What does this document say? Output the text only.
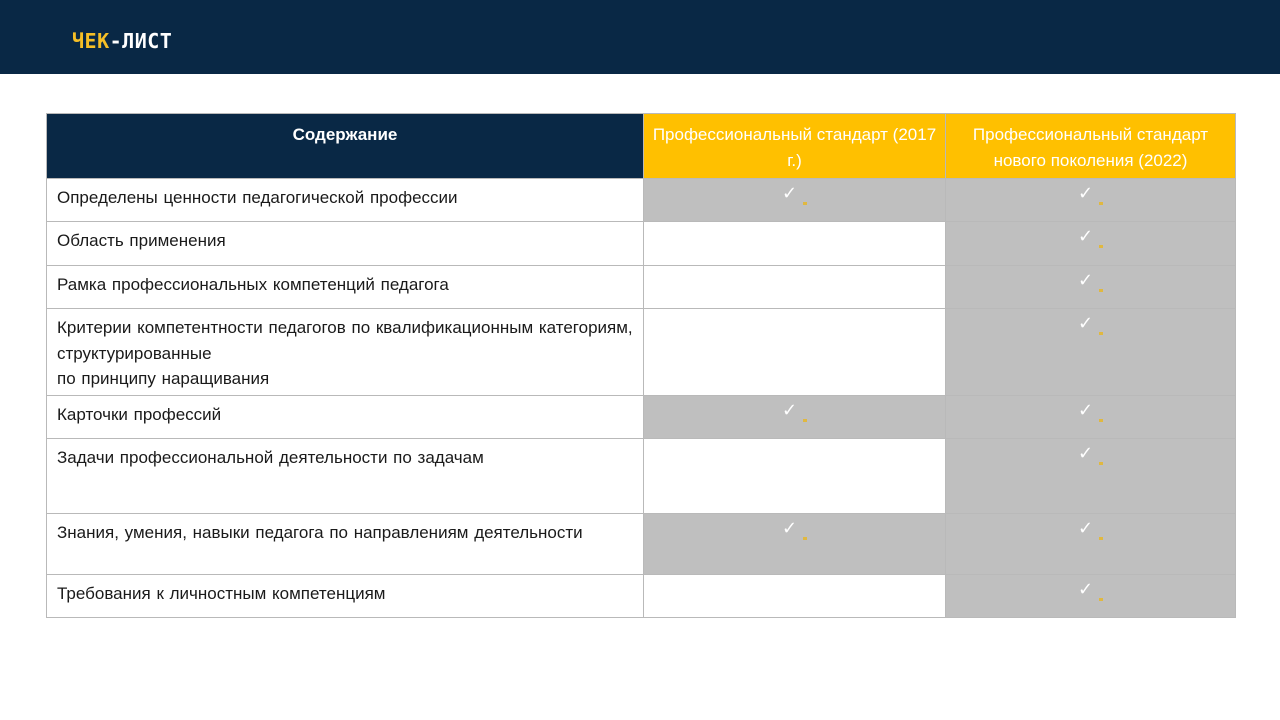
ЧЕК-ЛИСТ
Содержание	Профессиональный стандарт (2017 г.)	Профессиональный стандарт нового поколения (2022)
Определены ценности педагогической профессии	✓	✓
Область применения		✓
Рамка профессиональных компетенций педагога		✓
Критерии компетентности педагогов по квалификационным категориям, структурированные
по принципу наращивания		✓
Карточки профессий	✓	✓
Задачи профессиональной деятельности по задачам		✓
Знания, умения, навыки педагога по направлениям деятельности	✓	✓
Требования к личностным компетенциям		✓
